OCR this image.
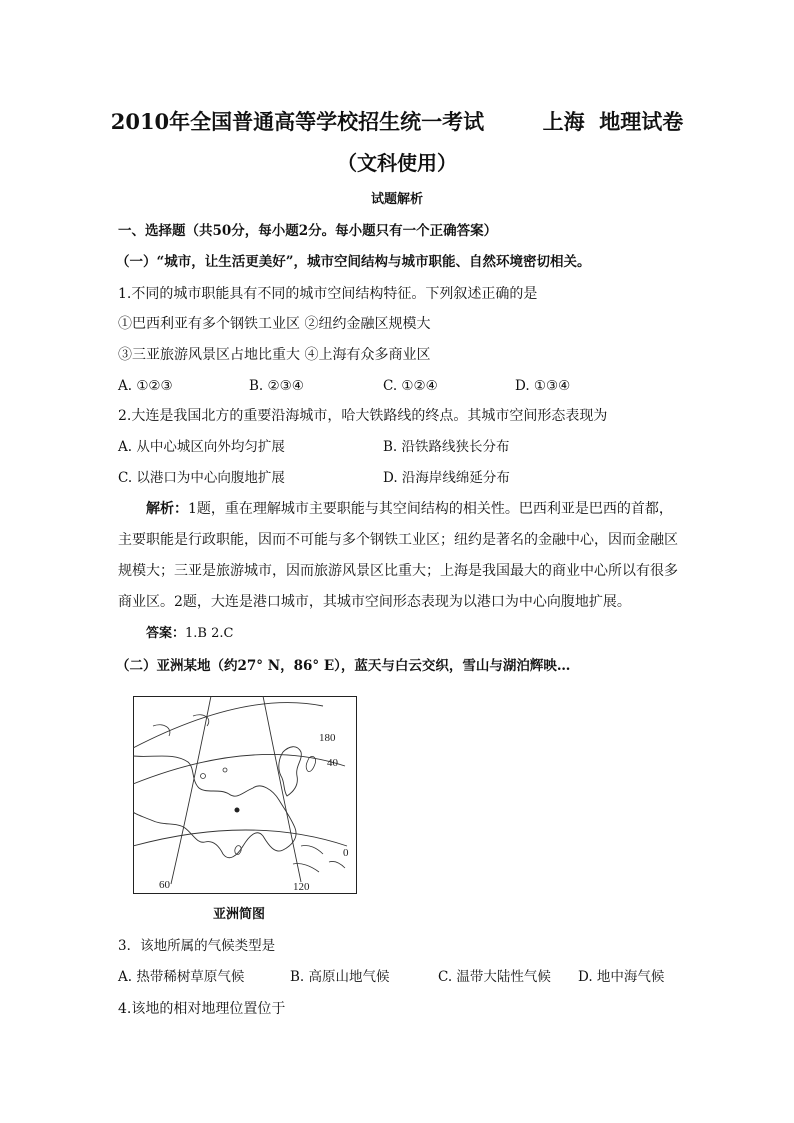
2010年全国普通高等学校招生统一考试        上海  地理试卷
（文科使用）
试题解析
一、选择题（共50分，每小题2分。每小题只有一个正确答案）
（一）“城市，让生活更美好”，城市空间结构与城市职能、自然环境密切相关。
1.不同的城市职能具有不同的城市空间结构特征。下列叙述正确的是
①巴西利亚有多个钢铁工业区 ②纽约金融区规模大
③三亚旅游风景区占地比重大 ④上海有众多商业区
A. ①②③	B. ②③④	C. ①②④	D. ①③④
2.大连是我国北方的重要沿海城市，哈大铁路线的终点。其城市空间形态表现为
A. 从中心城区向外均匀扩展	B. 沿铁路线狭长分布
C. 以港口为中心向腹地扩展	D. 沿海岸线绵延分布
解析：1题，重在理解城市主要职能与其空间结构的相关性。巴西利亚是巴西的首都，主要职能是行政职能，因而不可能与多个钢铁工业区；纽约是著名的金融中心，因而金融区规模大；三亚是旅游城市，因而旅游风景区比重大；上海是我国最大的商业中心所以有很多商业区。2题，大连是港口城市，其城市空间形态表现为以港口为中心向腹地扩展。
答案：1.B 2.C
（二）亚洲某地（约27° N，86° E），蓝天与白云交织，雪山与湖泊辉映…
180
40
0
60	120
亚洲简图
3．该地所属的气候类型是
A. 热带稀树草原气候	B. 高原山地气候	C. 温带大陆性气候 D. 地中海气候
4.该地的相对地理位置位于
